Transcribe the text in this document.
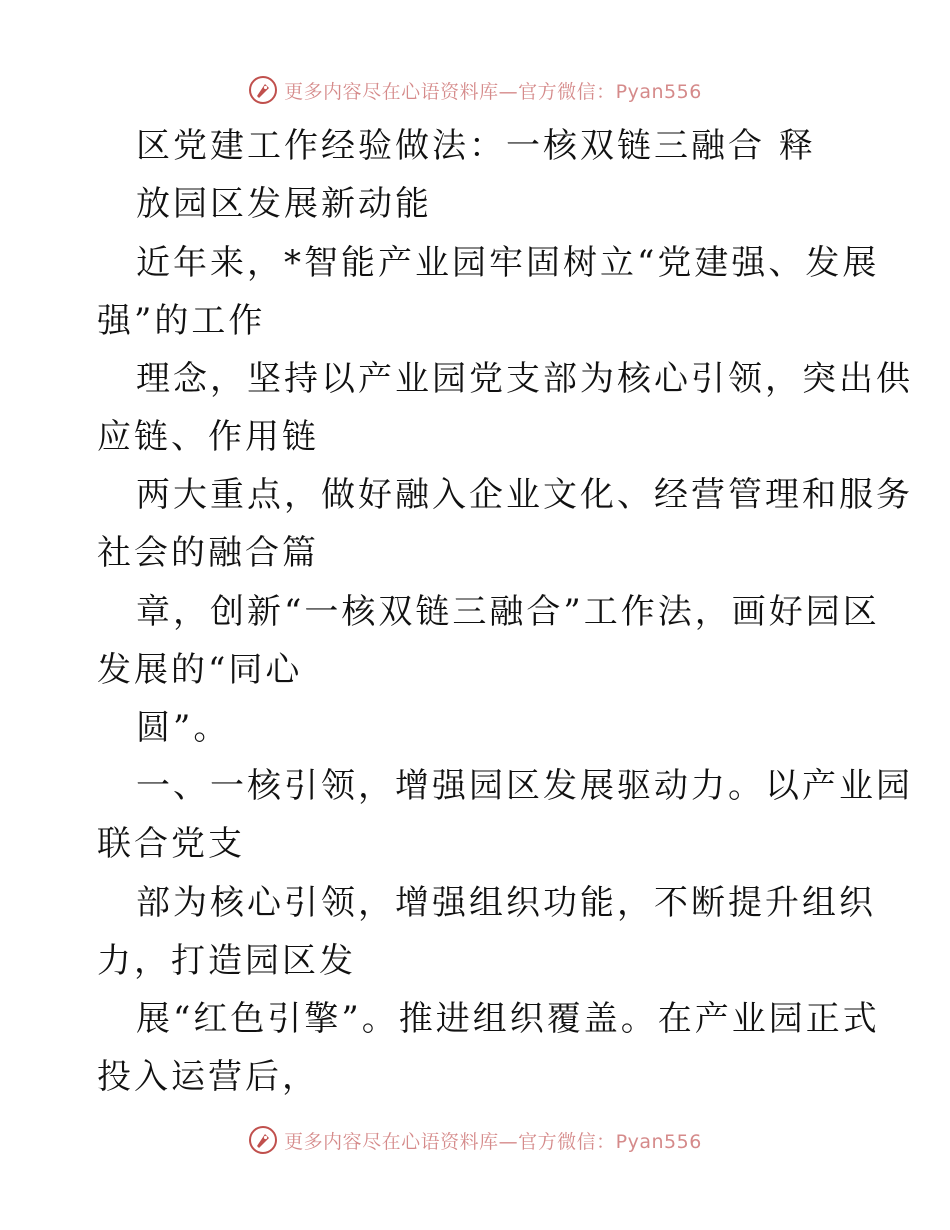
更多内容尽在心语资料库—官方微信：Pyan556
区党建工作经验做法：一核双链三融合 释
放园区发展新动能
近年来，*智能产业园牢固树立“党建强、发展
强”的工作
理念，坚持以产业园党支部为核心引领，突出供
应链、作用链
两大重点，做好融入企业文化、经营管理和服务
社会的融合篇
章，创新“一核双链三融合”工作法，画好园区
发展的“同心
圆”。
一、一核引领，增强园区发展驱动力。以产业园
联合党支
部为核心引领，增强组织功能，不断提升组织
力，打造园区发
展“红色引擎”。推进组织覆盖。在产业园正式
投入运营后，
更多内容尽在心语资料库—官方微信：Pyan556
